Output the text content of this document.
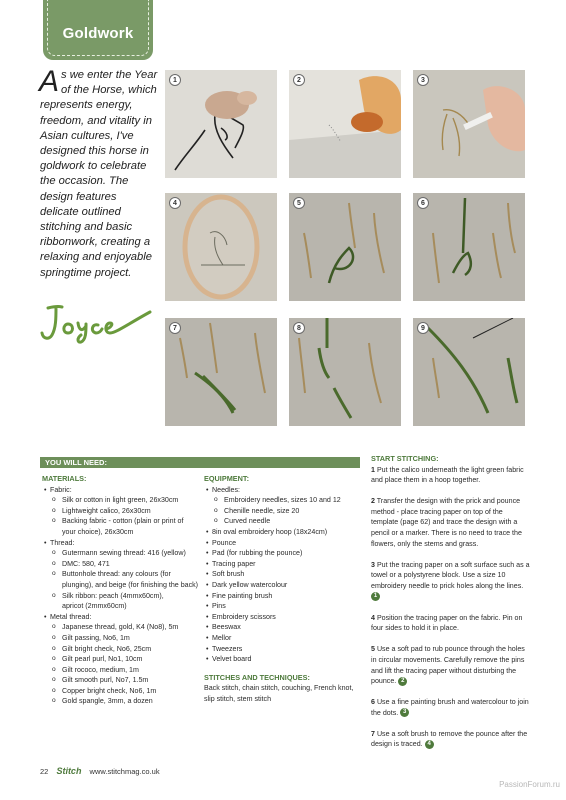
Goldwork
As we enter the Year of the Horse, which represents energy, freedom, and vitality in Asian cultures, I've designed this horse in goldwork to celebrate the occasion. The design features delicate outlined stitching and basic ribbonwork, creating a relaxing and enjoyable springtime project.
1	2	3
4	5	6
7	8	9
YOU WILL NEED:
MATERIALS:
• Fabric:
o Silk or cotton in light green, 26x30cm
o Lightweight calico, 26x30cm
o Backing fabric - cotton (plain or print of
your choice), 26x30cm
• Thread:
o Gutermann sewing thread: 416 (yellow)
o DMC: 580, 471
o Buttonhole thread: any colours (for
plunging), and beige (for finishing the back)
o Silk ribbon: peach (4mmx60cm),
apricot (2mmx60cm)
• Metal thread:
o Japanese thread, gold, K4 (No8), 5m
o Gilt passing, No6, 1m
o Gilt bright check, No6, 25cm
o Gilt pearl purl, No1, 10cm
o Gilt rococo, medium, 1m
o Gilt smooth purl, No7, 1.5m
o Copper bright check, No6, 1m
o Gold spangle, 3mm, a dozen
EQUIPMENT:
• Needles:
o Embroidery needles, sizes 10 and 12
o Chenille needle, size 20
o Curved needle
• 8in oval embroidery hoop (18x24cm)
• Pounce
• Pad (for rubbing the pounce)
• Tracing paper
• Soft brush
• Dark yellow watercolour
• Fine painting brush
• Pins
• Embroidery scissors
• Beeswax
• Mellor
• Tweezers
• Velvet board
STITCHES AND TECHNIQUES:
Back stitch, chain stitch, couching, French knot, slip stitch, stem stitch
START STITCHING:

1 Put the calico underneath the light green fabric and place them in a hoop together.

2 Transfer the design with the prick and pounce method - place tracing paper on top of the template (page 62) and trace the design with a pencil or a marker. There is no need to trace the flowers, only the stems and grass.

3 Put the tracing paper on a soft surface such as a towel or a polystyrene block. Use a size 10 embroidery needle to prick holes along the lines. 1

4 Position the tracing paper on the fabric. Pin on four sides to hold it in place.

5 Use a soft pad to rub pounce through the holes in circular movements. Carefully remove the pins and lift the tracing paper without disturbing the pounce. 2

6 Use a fine painting brush and watercolour to join the dots. 3

7 Use a soft brush to remove the pounce after the design is traced. 4

22 Stitch www.stitchmag.co.uk
PassionForum.ru
